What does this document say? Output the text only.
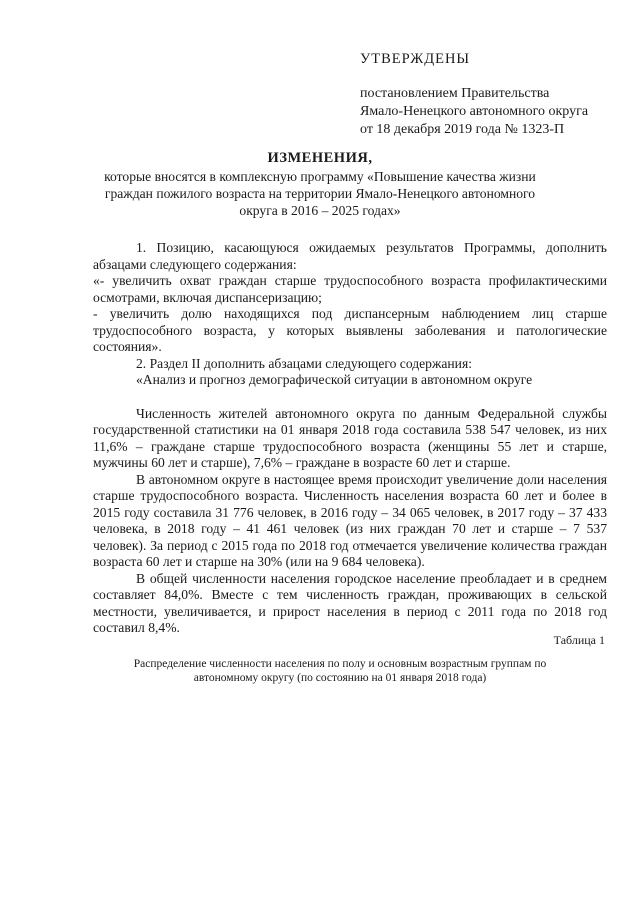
УТВЕРЖДЕНЫ
постановлением Правительства
Ямало-Ненецкого автономного округа
от 18 декабря 2019 года № 1323-П
ИЗМЕНЕНИЯ,
которые вносятся в комплексную программу «Повышение качества жизни граждан пожилого возраста на территории Ямало-Ненецкого автономного округа в 2016 – 2025 годах»

1. Позицию, касающуюся ожидаемых результатов Программы, дополнить абзацами следующего содержания:

«- увеличить охват граждан старше трудоспособного возраста профилактическими осмотрами, включая диспансеризацию;

- увеличить долю находящихся под диспансерным наблюдением лиц старше трудоспособного возраста, у которых выявлены заболевания и патологические состояния».

2. Раздел II дополнить абзацами следующего содержания:

«Анализ и прогноз демографической ситуации в автономном округе

Численность жителей автономного округа по данным Федеральной службы государственной статистики на 01 января 2018 года составила 538 547 человек, из них 11,6% – граждане старше трудоспособного возраста (женщины 55 лет и старше, мужчины 60 лет и старше), 7,6% – граждане в возрасте 60 лет и старше.

В автономном округе в настоящее время происходит увеличение доли населения старше трудоспособного возраста. Численность населения возраста 60 лет и более в 2015 году составила 31 776 человек, в 2016 году – 34 065 человек, в 2017 году – 37 433 человека, в 2018 году – 41 461 человек (из них граждан 70 лет и старше – 7 537 человек). За период с 2015 года по 2018 год отмечается увеличение количества граждан возраста 60 лет и старше на 30% (или на 9 684 человека).

В общей численности населения городское население преобладает и в среднем составляет 84,0%. Вместе с тем численность граждан, проживающих в сельской местности, увеличивается, и прирост населения в период с 2011 года по 2018 год составил 8,4%.

Таблица 1
Распределение численности населения по полу и основным возрастным группам по автономному округу (по состоянию на 01 января 2018 года)
